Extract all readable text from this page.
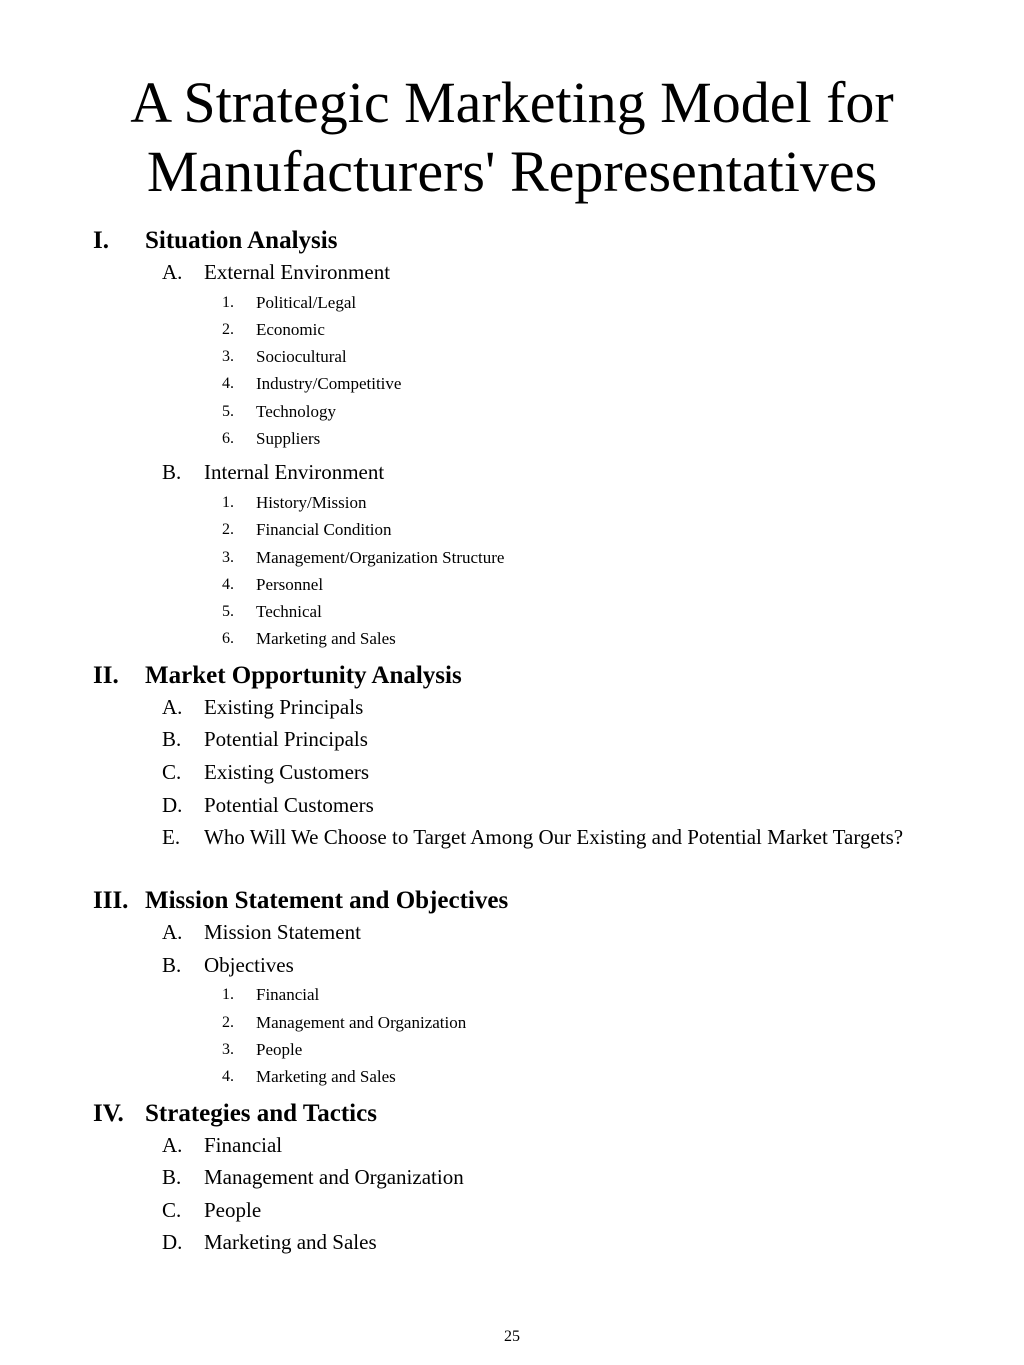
A Strategic Marketing Model for
Manufacturers' Representatives
I. Situation Analysis
A. External Environment
1. Political/Legal
2. Economic
3. Sociocultural
4. Industry/Competitive
5. Technology
6. Suppliers
B. Internal Environment
1. History/Mission
2. Financial Condition
3. Management/Organization Structure
4. Personnel
5. Technical
6. Marketing and Sales
II. Market Opportunity Analysis
A. Existing Principals
B. Potential Principals
C. Existing Customers
D. Potential Customers
E. Who Will We Choose to Target Among Our Existing and Potential Market Targets?
III. Mission Statement and Objectives
A. Mission Statement
B. Objectives
1. Financial
2. Management and Organization
3. People
4. Marketing and Sales
IV. Strategies and Tactics
A. Financial
B. Management and Organization
C. People
D. Marketing and Sales
25
